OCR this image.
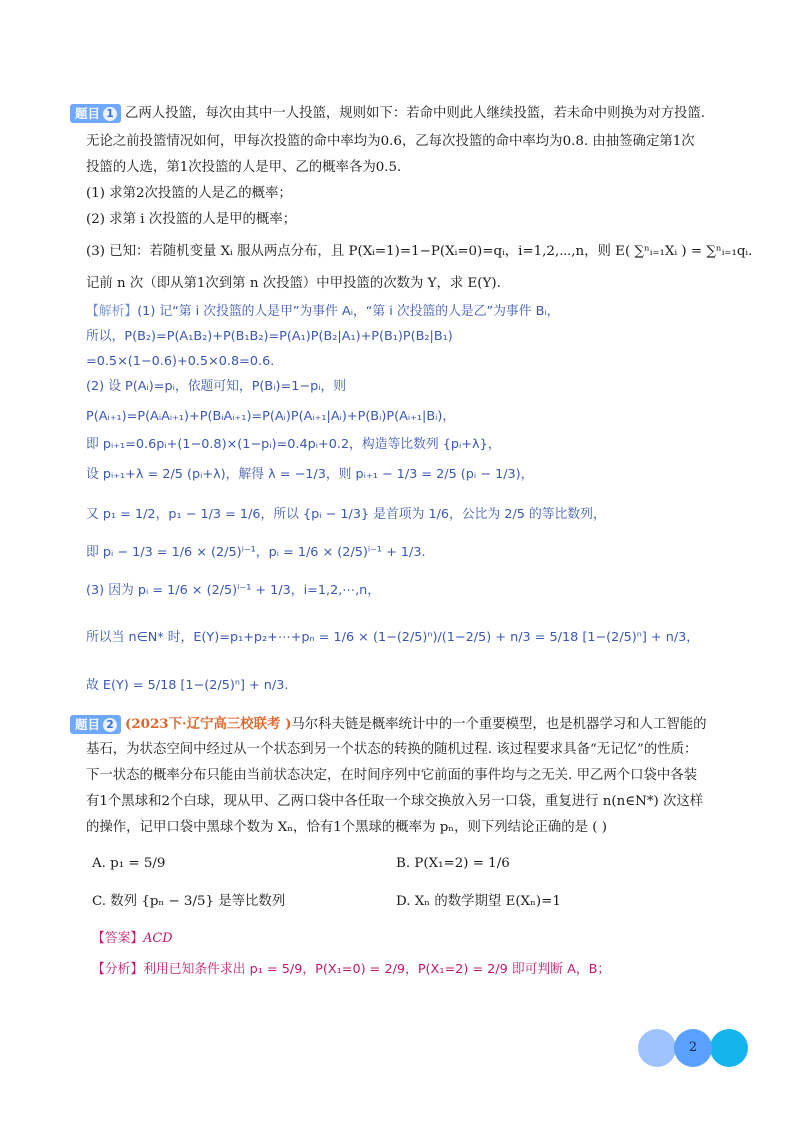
题目 1 乙两人投篮，每次由其中一人投篮，规则如下：若命中则此人继续投篮，若未命中则换为对方投篮.
无论之前投篮情况如何，甲每次投篮的命中率均为0.6，乙每次投篮的命中率均为0.8. 由抽签确定第1次
投篮的人选，第1次投篮的人是甲、乙的概率各为0.5.
(1) 求第2次投篮的人是乙的概率；
(2) 求第 i 次投篮的人是甲的概率；
(3) 已知：若随机变量 Xᵢ 服从两点分布，且 P(Xᵢ=1)=1−P(Xᵢ=0)=qᵢ，i=1,2,⋯,n，则 E( ∑ⁿᵢ₌₁Xᵢ ) = ∑ⁿᵢ₌₁qᵢ.
记前 n 次（即从第1次到第 n 次投篮）中甲投篮的次数为 Y，求 E(Y).
【解析】(1) 记“第 i 次投篮的人是甲”为事件 Aᵢ，“第 i 次投篮的人是乙”为事件 Bᵢ，
所以，P(B₂)=P(A₁B₂)+P(B₁B₂)=P(A₁)P(B₂|A₁)+P(B₁)P(B₂|B₁)
=0.5×(1−0.6)+0.5×0.8=0.6.
(2) 设 P(Aᵢ)=pᵢ，依题可知，P(Bᵢ)=1−pᵢ，则
P(Aᵢ₊₁)=P(AᵢAᵢ₊₁)+P(BᵢAᵢ₊₁)=P(Aᵢ)P(Aᵢ₊₁|Aᵢ)+P(Bᵢ)P(Aᵢ₊₁|Bᵢ)，
即 pᵢ₊₁=0.6pᵢ+(1−0.8)×(1−pᵢ)=0.4pᵢ+0.2，构造等比数列 {pᵢ+λ}，
设 pᵢ₊₁+λ = 2/5 (pᵢ+λ)，解得 λ = −1/3，则 pᵢ₊₁ − 1/3 = 2/5 (pᵢ − 1/3)，
又 p₁ = 1/2，p₁ − 1/3 = 1/6，所以 {pᵢ − 1/3} 是首项为 1/6，公比为 2/5 的等比数列，
即 pᵢ − 1/3 = 1/6 × (2/5)ⁱ⁻¹，pᵢ = 1/6 × (2/5)ⁱ⁻¹ + 1/3.
(3) 因为 pᵢ = 1/6 × (2/5)ⁱ⁻¹ + 1/3，i=1,2,⋯,n，
所以当 n∈N* 时，E(Y)=p₁+p₂+⋯+pₙ = 1/6 × (1−(2/5)ⁿ)/(1−2/5) + n/3 = 5/18 [1−(2/5)ⁿ] + n/3，
故 E(Y) = 5/18 [1−(2/5)ⁿ] + n/3.
题目 2 (2023下·辽宁高三校联考 )马尔科夫链是概率统计中的一个重要模型，也是机器学习和人工智能的
基石，为状态空间中经过从一个状态到另一个状态的转换的随机过程. 该过程要求具备“无记忆”的性质：
下一状态的概率分布只能由当前状态决定，在时间序列中它前面的事件均与之无关. 甲乙两个口袋中各装
有1个黑球和2个白球，现从甲、乙两口袋中各任取一个球交换放入另一口袋，重复进行 n(n∈N*) 次这样
的操作，记甲口袋中黑球个数为 Xₙ，恰有1个黑球的概率为 pₙ，则下列结论正确的是 ( )
A. p₁ = 5/9	B. P(X₁=2) = 1/6
C. 数列 {pₙ − 3/5} 是等比数列	D. Xₙ 的数学期望 E(Xₙ)=1
【答案】ACD
【分析】利用已知条件求出 p₁ = 5/9，P(X₁=0) = 2/9，P(X₁=2) = 2/9 即可判断 A，B；
2
